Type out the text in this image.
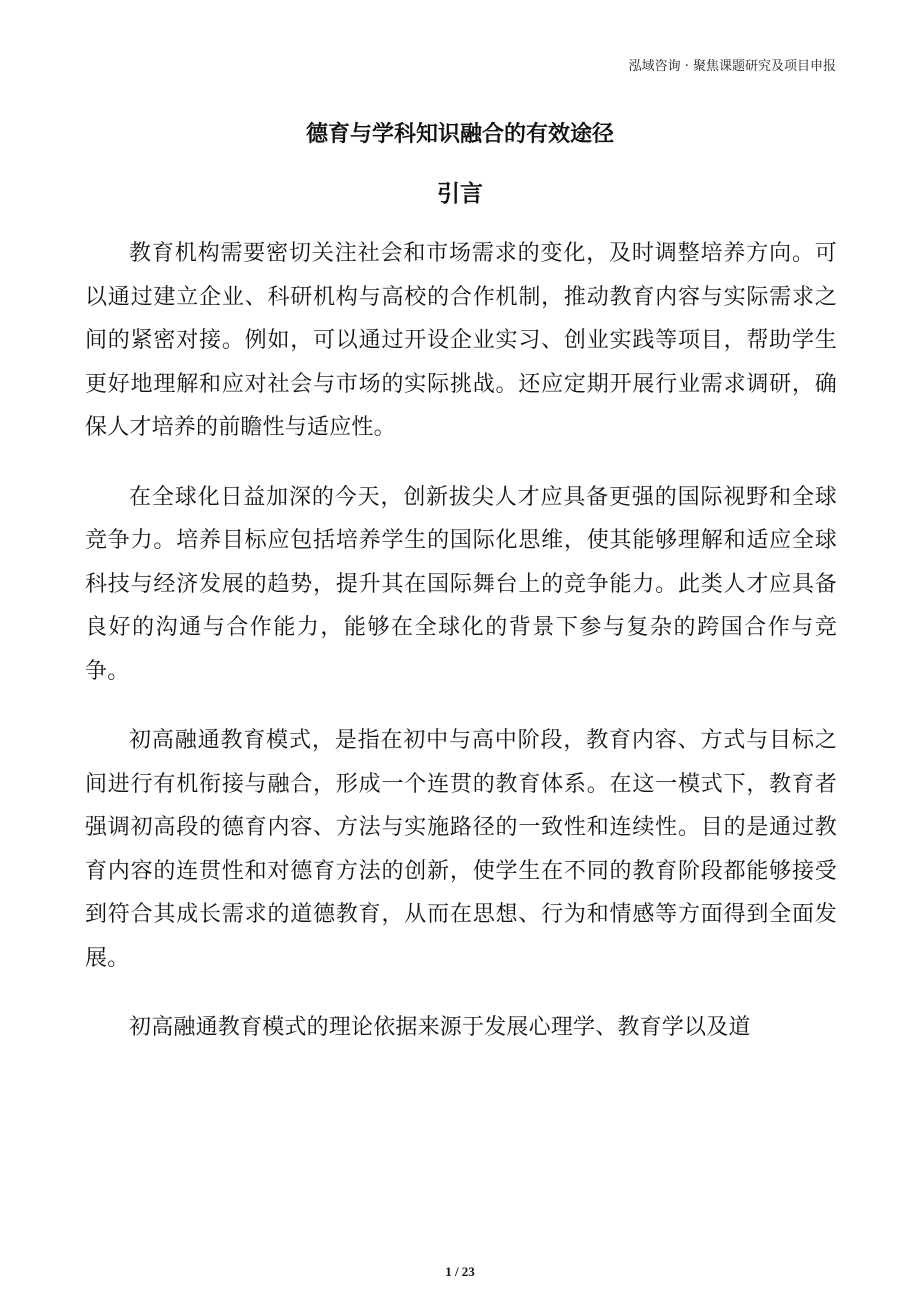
泓域咨询 · 聚焦课题研究及项目申报
德育与学科知识融合的有效途径
引言

教育机构需要密切关注社会和市场需求的变化，及时调整培养方向。可以通过建立企业、科研机构与高校的合作机制，推动教育内容与实际需求之间的紧密对接。例如，可以通过开设企业实习、创业实践等项目，帮助学生更好地理解和应对社会与市场的实际挑战。还应定期开展行业需求调研，确保人才培养的前瞻性与适应性。

在全球化日益加深的今天，创新拔尖人才应具备更强的国际视野和全球竞争力。培养目标应包括培养学生的国际化思维，使其能够理解和适应全球科技与经济发展的趋势，提升其在国际舞台上的竞争能力。此类人才应具备良好的沟通与合作能力，能够在全球化的背景下参与复杂的跨国合作与竞争。

初高融通教育模式，是指在初中与高中阶段，教育内容、方式与目标之间进行有机衔接与融合，形成一个连贯的教育体系。在这一模式下，教育者强调初高段的德育内容、方法与实施路径的一致性和连续性。目的是通过教育内容的连贯性和对德育方法的创新，使学生在不同的教育阶段都能够接受到符合其成长需求的道德教育，从而在思想、行为和情感等方面得到全面发展。

初高融通教育模式的理论依据来源于发展心理学、教育学以及道

1 / 23
